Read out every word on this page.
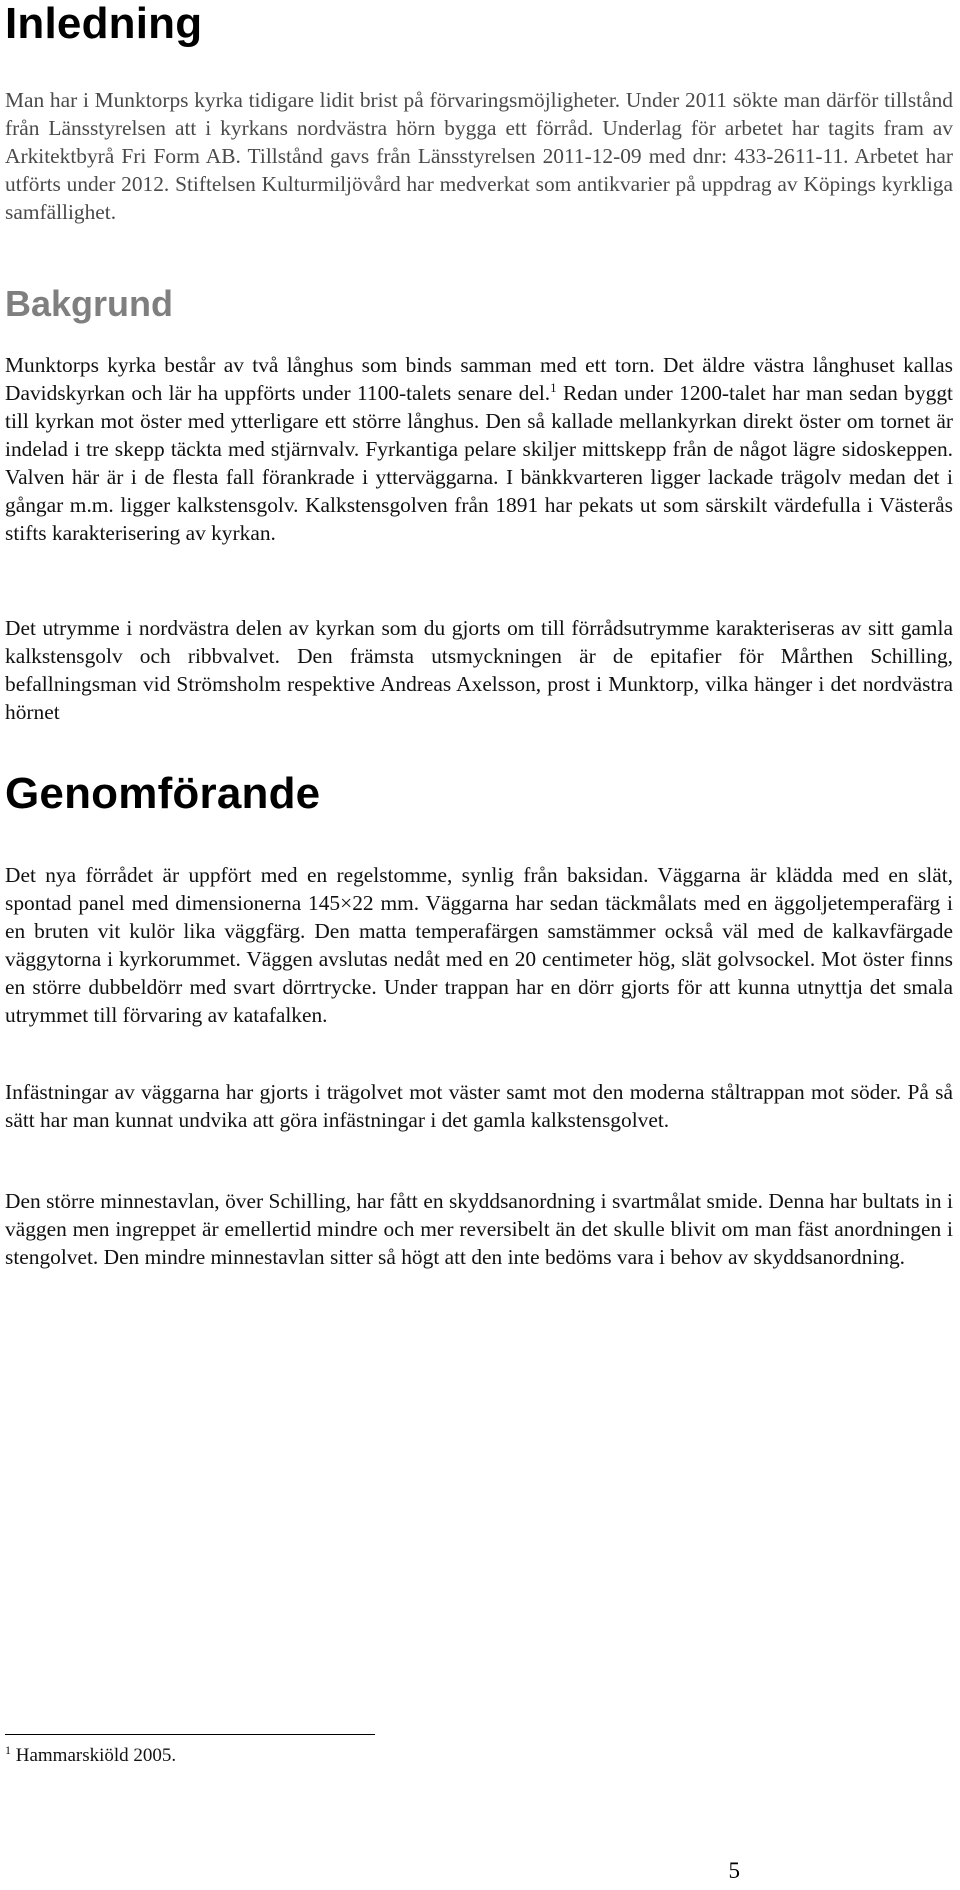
Inledning

Man har i Munktorps kyrka tidigare lidit brist på förvaringsmöjligheter. Under 2011 sökte man därför tillstånd från Länsstyrelsen att i kyrkans nordvästra hörn bygga ett förråd. Underlag för arbetet har tagits fram av Arkitektbyrå Fri Form AB. Tillstånd gavs från Länsstyrelsen 2011-12-09 med dnr: 433-2611-11. Arbetet har utförts under 2012. Stiftelsen Kulturmiljövård har medverkat som antikvarier på uppdrag av Köpings kyrkliga samfällighet.

Bakgrund

Munktorps kyrka består av två långhus som binds samman med ett torn. Det äldre västra långhuset kallas Davidskyrkan och lär ha uppförts under 1100-talets senare del.$^1$ Redan under 1200-talet har man sedan byggt till kyrkan mot öster med ytterligare ett större långhus. Den så kallade mellankyrkan direkt öster om tornet är indelad i tre skepp täckta med stjärnvalv. Fyrkantiga pelare skiljer mittskepp från de något lägre sidoskeppen. Valven här är i de flesta fall förankrade i ytterväggarna. I bänkkvarteren ligger lackade trägolv medan det i gångar m.m. ligger kalkstensgolv. Kalkstensgolven från 1891 har pekats ut som särskilt värdefulla i Västerås stifts karakterisering av kyrkan.

Det utrymme i nordvästra delen av kyrkan som du gjorts om till förrådsutrymme karakteriseras av sitt gamla kalkstensgolv och ribbvalvet. Den främsta utsmyckningen är de epitafier för Mårthen Schilling, befallningsman vid Strömsholm respektive Andreas Axelsson, prost i Munktorp, vilka hänger i det nordvästra hörnet

Genomförande

Det nya förrådet är uppfört med en regelstomme, synlig från baksidan. Väggarna är klädda med en slät, spontad panel med dimensionerna 145×22 mm. Väggarna har sedan täckmålats med en äggoljetemperafärg i en bruten vit kulör lika väggfärg. Den matta temperafärgen samstämmer också väl med de kalkavfärgade väggytorna i kyrkorummet. Väggen avslutas nedåt med en 20 centimeter hög, slät golvsockel. Mot öster finns en större dubbeldörr med svart dörrtrycke. Under trappan har en dörr gjorts för att kunna utnyttja det smala utrymmet till förvaring av katafalken.

Infästningar av väggarna har gjorts i trägolvet mot väster samt mot den moderna ståltrappan mot söder. På så sätt har man kunnat undvika att göra infästningar i det gamla kalkstensgolvet.

Den större minnestavlan, över Schilling, har fått en skyddsanordning i svartmålat smide. Denna har bultats in i väggen men ingreppet är emellertid mindre och mer reversibelt än det skulle blivit om man fäst anordningen i stengolvet. Den mindre minnestavlan sitter så högt att den inte bedöms vara i behov av skyddsanordning.

$^1$ Hammarskiöld 2005.

5
